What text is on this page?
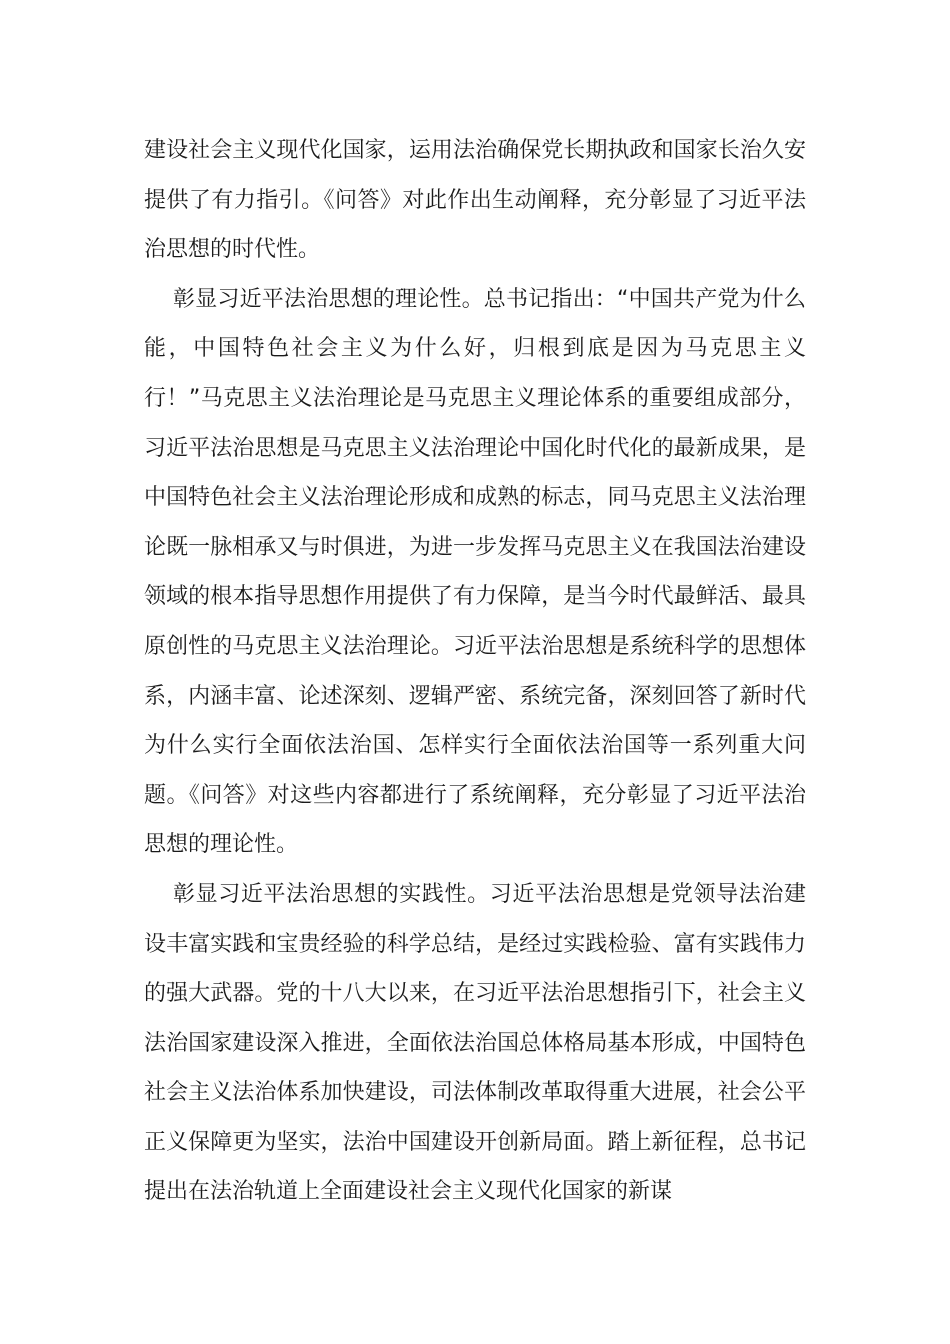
建设社会主义现代化国家，运用法治确保党长期执政和国家长治久安提供了有力指引。《问答》对此作出生动阐释，充分彰显了习近平法治思想的时代性。

彰显习近平法治思想的理论性。总书记指出：“中国共产党为什么能，中国特色社会主义为什么好，归根到底是因为马克思主义行！”马克思主义法治理论是马克思主义理论体系的重要组成部分，习近平法治思想是马克思主义法治理论中国化时代化的最新成果，是中国特色社会主义法治理论形成和成熟的标志，同马克思主义法治理论既一脉相承又与时俱进，为进一步发挥马克思主义在我国法治建设领域的根本指导思想作用提供了有力保障，是当今时代最鲜活、最具原创性的马克思主义法治理论。习近平法治思想是系统科学的思想体系，内涵丰富、论述深刻、逻辑严密、系统完备，深刻回答了新时代为什么实行全面依法治国、怎样实行全面依法治国等一系列重大问题。《问答》对这些内容都进行了系统阐释，充分彰显了习近平法治思想的理论性。

彰显习近平法治思想的实践性。习近平法治思想是党领导法治建设丰富实践和宝贵经验的科学总结，是经过实践检验、富有实践伟力的强大武器。党的十八大以来，在习近平法治思想指引下，社会主义法治国家建设深入推进，全面依法治国总体格局基本形成，中国特色社会主义法治体系加快建设，司法体制改革取得重大进展，社会公平正义保障更为坚实，法治中国建设开创新局面。踏上新征程，总书记提出在法治轨道上全面建设社会主义现代化国家的新谋
